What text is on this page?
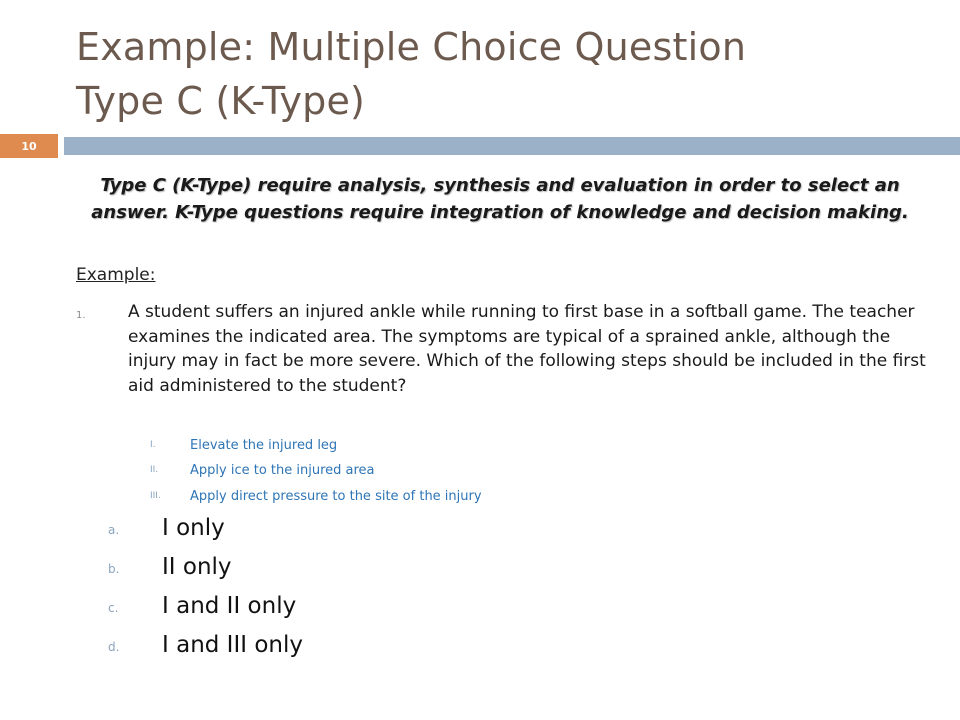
Example: Multiple Choice Question
Type C (K-Type)
10
Type C (K-Type) require analysis, synthesis and evaluation in order to select an answer. K-Type questions require integration of knowledge and decision making.
Example:
1. A student suffers an injured ankle while running to first base in a softball game. The teacher examines the indicated area. The symptoms are typical of a sprained ankle, although the injury may in fact be more severe. Which of the following steps should be included in the first aid administered to the student?
I.	Elevate the injured leg
II.	Apply ice to the injured area
III.	Apply direct pressure to the site of the injury
a. I only
b. II only
c. I and II only
d. I and III only
